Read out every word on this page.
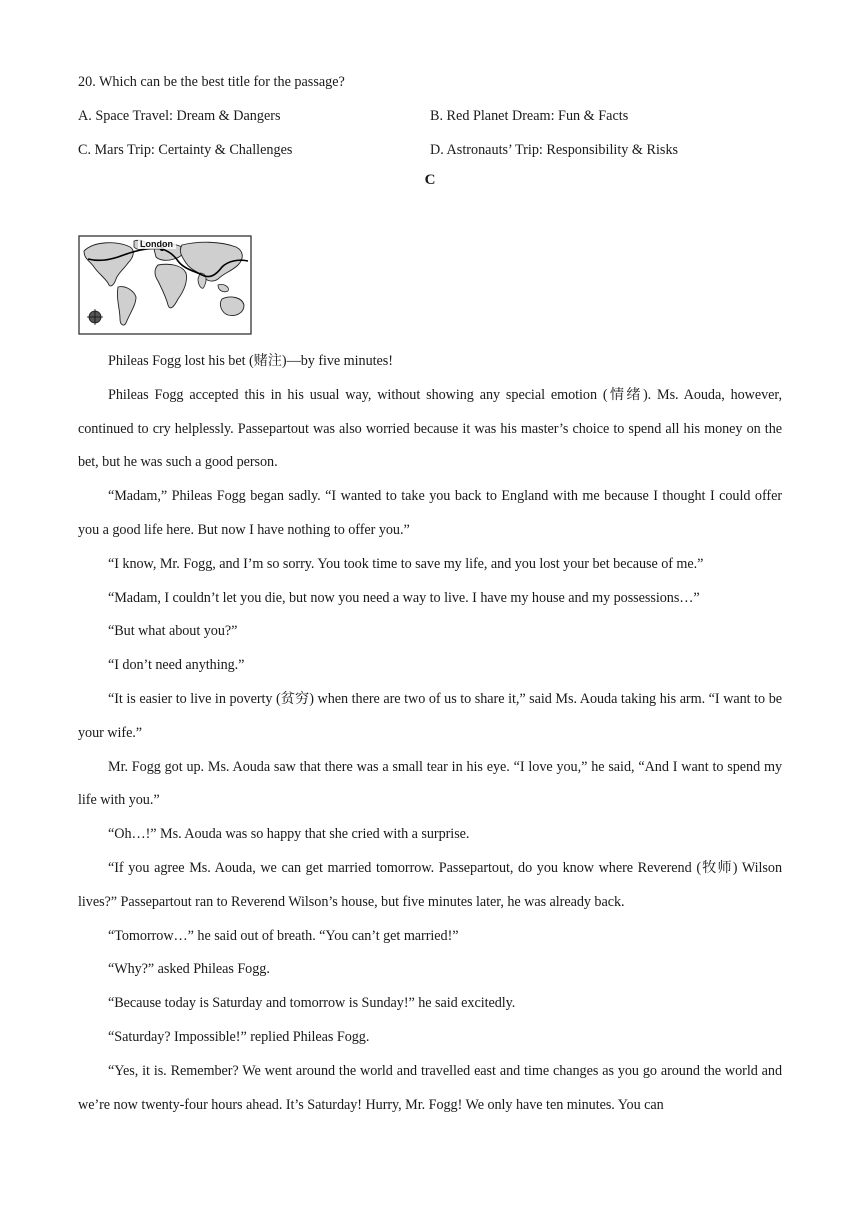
20. Which can be the best title for the passage?
A. Space Travel: Dream & Dangers	B. Red Planet Dream: Fun & Facts
C. Mars Trip: Certainty & Challenges	D. Astronauts’ Trip: Responsibility & Risks
C
London

Phileas Fogg lost his bet (赌注)—by five minutes!

Phileas Fogg accepted this in his usual way, without showing any special emotion (情绪). Ms. Aouda, however, continued to cry helplessly. Passepartout was also worried because it was his master’s choice to spend all his money on the bet, but he was such a good person.

“Madam,” Phileas Fogg began sadly. “I wanted to take you back to England with me because I thought I could offer you a good life here. But now I have nothing to offer you.”

“I know, Mr. Fogg, and I’m so sorry. You took time to save my life, and you lost your bet because of me.”

“Madam, I couldn’t let you die, but now you need a way to live. I have my house and my possessions…”

“But what about you?”

“I don’t need anything.”

“It is easier to live in poverty (贫穷) when there are two of us to share it,” said Ms. Aouda taking his arm. “I want to be your wife.”

Mr. Fogg got up. Ms. Aouda saw that there was a small tear in his eye. “I love you,” he said, “And I want to spend my life with you.”

“Oh…!” Ms. Aouda was so happy that she cried with a surprise.

“If you agree Ms. Aouda, we can get married tomorrow. Passepartout, do you know where Reverend (牧师) Wilson lives?” Passepartout ran to Reverend Wilson’s house, but five minutes later, he was already back.

“Tomorrow…” he said out of breath. “You can’t get married!”

“Why?” asked Phileas Fogg.

“Because today is Saturday and tomorrow is Sunday!” he said excitedly.

“Saturday? Impossible!” replied Phileas Fogg.

“Yes, it is. Remember? We went around the world and travelled east and time changes as you go around the world and we’re now twenty-four hours ahead. It’s Saturday! Hurry, Mr. Fogg! We only have ten minutes. You can
